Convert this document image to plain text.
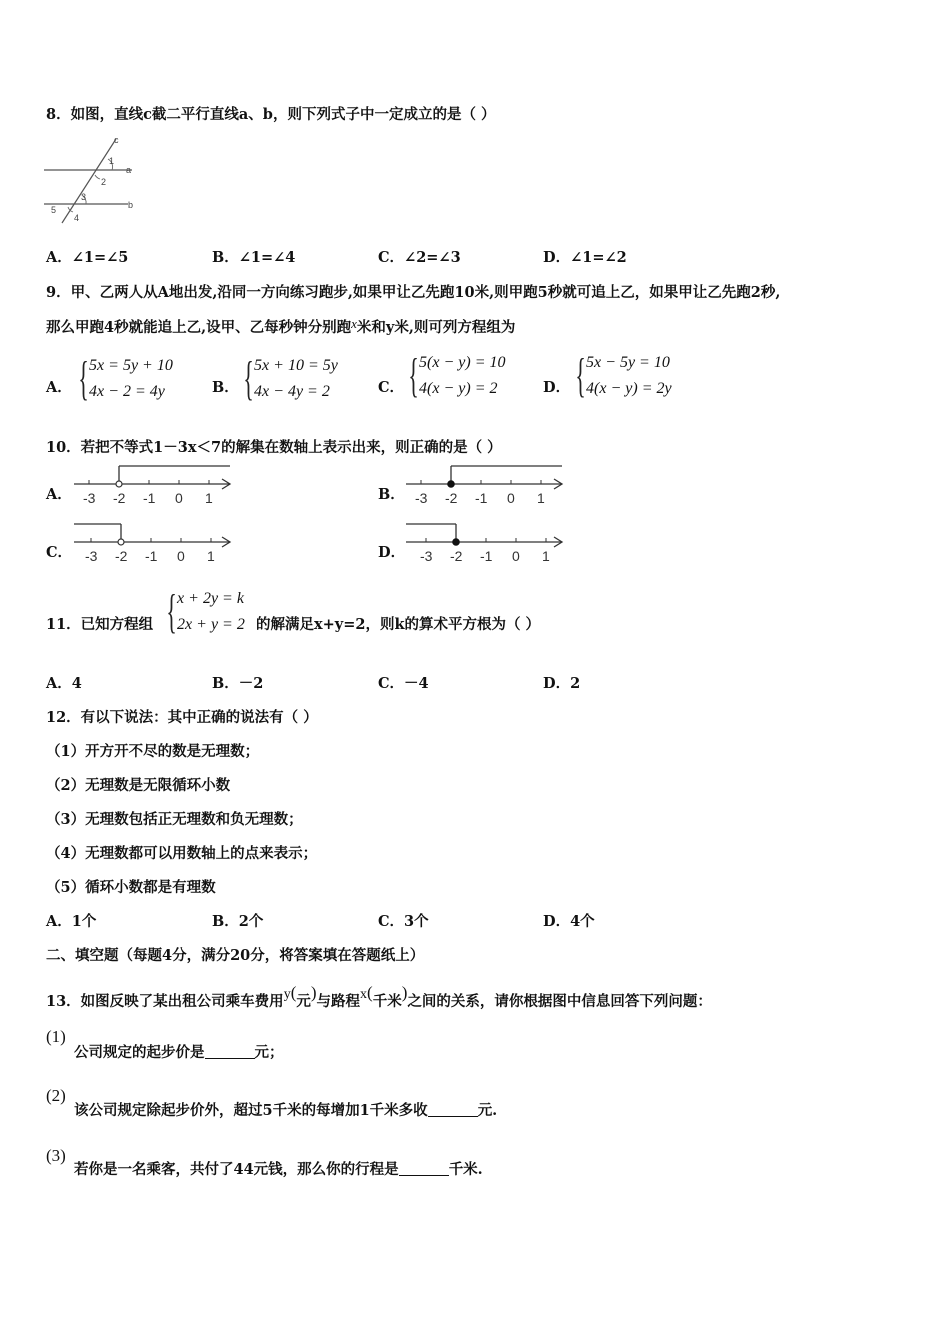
8．如图，直线c截二平行直线a、b，则下列式子中一定成立的是（ ）
c
1
a
2
3
5
4
b
A．∠1=∠5	B．∠1=∠4	C．∠2=∠3	D．∠1=∠2
9．甲、乙两人从A地出发,沿同一方向练习跑步,如果甲让乙先跑10米,则甲跑5秒就可追上乙，如果甲让乙先跑2秒,
那么甲跑4秒就能追上乙,设甲、乙每秒钟分别跑x米和y米,则可列方程组为
A． { 5x = 5y + 10
4x − 2 = 4y	B． { 5x + 10 = 5y
4x − 4y = 2	C． { 5(x − y) = 10
4(x − y) = 2	D． { 5x − 5y = 10
4(x − y) = 2y
10．若把不等式1－3x＜7的解集在数轴上表示出来，则正确的是（ ）
A． -3 -2 -1 0 1	B． -3 -2 -1 0 1
C． -3 -2 -1 0 1	D． -3 -2 -1 0 1
11．已知方程组 { x + 2y = k
2x + y = 2 的解满足x+y=2，则k的算术平方根为（ ）
A．4	B．－2	C．－4	D．2
12．有以下说法：其中正确的说法有（ ）
（1）开方开不尽的数是无理数；
（2）无理数是无限循环小数
（3）无理数包括正无理数和负无理数；
（4）无理数都可以用数轴上的点来表示；
（5）循环小数都是有理数
A．1个	B．2个	C．3个	D．4个
二、填空题（每题4分，满分20分，将答案填在答题纸上）
13．如图反映了某出租公司乘车费用y(元)与路程x(千米)之间的关系，请你根据图中信息回答下列问题：
(1)
公司规定的起步价是	元；
(2)
该公司规定除起步价外，超过5千米的每增加1千米多收	元.
(3)
若你是一名乘客，共付了44元钱，那么你的行程是	千米.
